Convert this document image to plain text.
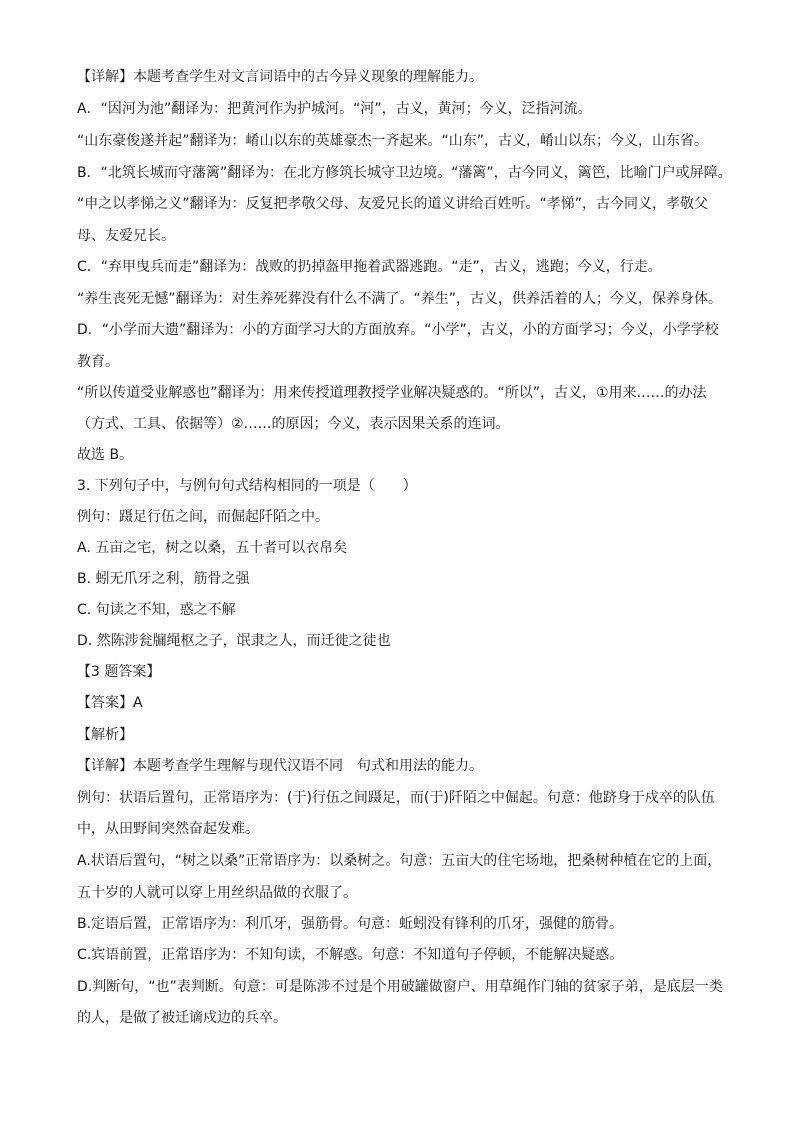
【详解】本题考查学生对文言词语中的古今异义现象的理解能力。
A．“因河为池”翻译为：把黄河作为护城河。“河”，古义，黄河；今义，泛指河流。
“山东豪俊遂并起”翻译为：崤山以东的英雄豪杰一齐起来。“山东”，古义，崤山以东；今义，山东省。
B．“北筑长城而守藩篱”翻译为：在北方修筑长城守卫边境。“藩篱”，古今同义，篱笆，比喻门户或屏障。
“申之以孝悌之义”翻译为：反复把孝敬父母、友爱兄长的道义讲给百姓听。“孝悌”，古今同义，孝敬父
母、友爱兄长。
C．“弃甲曳兵而走”翻译为：战败的扔掉盔甲拖着武器逃跑。“走”，古义，逃跑；今义，行走。
“养生丧死无憾”翻译为：对生养死葬没有什么不满了。“养生”，古义，供养活着的人；今义，保养身体。
D．“小学而大遗”翻译为：小的方面学习大的方面放弃。“小学”，古义，小的方面学习；今义，小学学校
教育。
“所以传道受业解惑也”翻译为：用来传授道理教授学业解决疑惑的。“所以”，古义，①用来……的办法
（方式、工具、依据等）②……的原因；今义，表示因果关系的连词。
故选 B。
3. 下列句子中，与例句句式结构相同的一项是（　　）
例句：蹑足行伍之间，而倔起阡陌之中。
A. 五亩之宅，树之以桑，五十者可以衣帛矣
B. 蚓无爪牙之利，筋骨之强
C. 句读之不知，惑之不解
D. 然陈涉瓮牖绳枢之子，氓隶之人，而迁徙之徒也
【3 题答案】
【答案】A
【解析】
【详解】本题考查学生理解与现代汉语不同　句式和用法的能力。
例句：状语后置句，正常语序为：(于)行伍之间蹑足，而(于)阡陌之中倔起。句意：他跻身于戍卒的队伍
中，从田野间突然奋起发难。
A.状语后置句，“树之以桑”正常语序为：以桑树之。句意：五亩大的住宅场地，把桑树种植在它的上面，
五十岁的人就可以穿上用丝织品做的衣服了。
B.定语后置，正常语序为：利爪牙，强筋骨。句意：蚯蚓没有锋利的爪牙，强健的筋骨。
C.宾语前置，正常语序为：不知句读，不解惑。句意：不知道句子停顿，不能解决疑惑。
D.判断句，“也”表判断。句意：可是陈涉不过是个用破罐做窗户、用草绳作门轴的贫家子弟，是底层一类
的人，是做了被迁谪戍边的兵卒。
